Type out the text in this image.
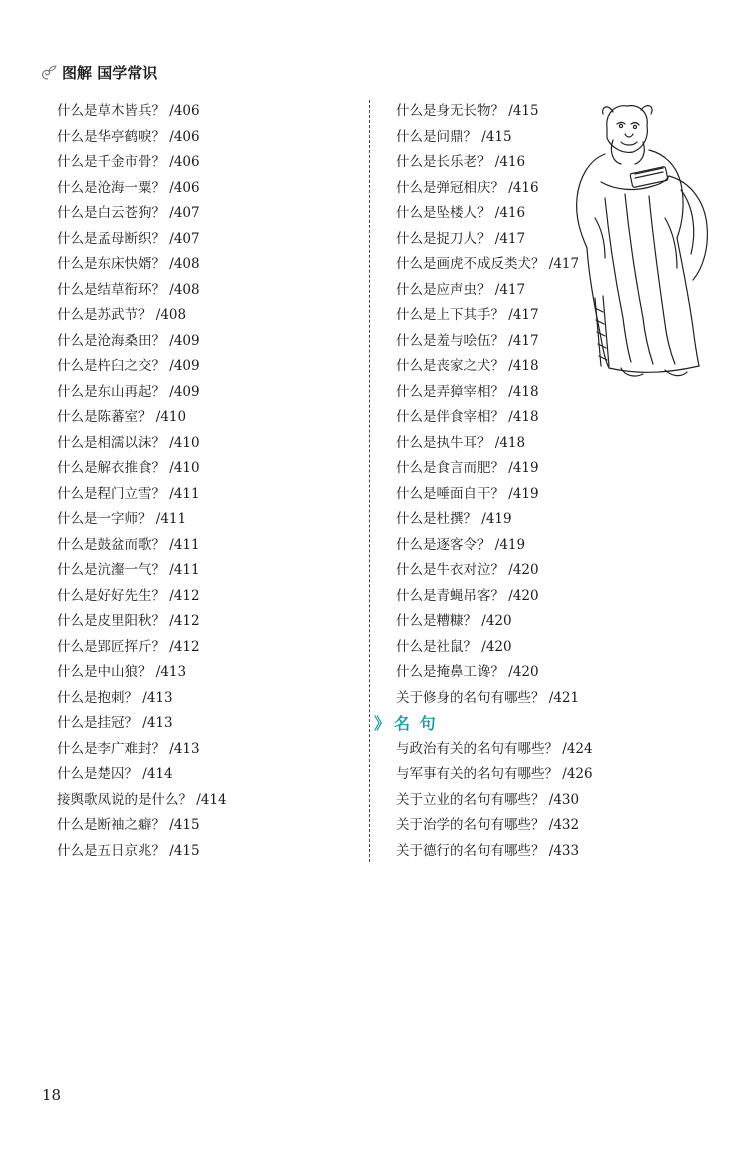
图解 国学常识
什么是草木皆兵？ /406
什么是华亭鹤唳？ /406
什么是千金市骨？ /406
什么是沧海一粟？ /406
什么是白云苍狗？ /407
什么是孟母断织？ /407
什么是东床快婿？ /408
什么是结草衔环？ /408
什么是苏武节？ /408
什么是沧海桑田？ /409
什么是杵臼之交？ /409
什么是东山再起？ /409
什么是陈蕃室？ /410
什么是相濡以沫？ /410
什么是解衣推食？ /410
什么是程门立雪？ /411
什么是一字师？ /411
什么是鼓盆而歌？ /411
什么是沆瀣一气？ /411
什么是好好先生？ /412
什么是皮里阳秋？ /412
什么是郢匠挥斤？ /412
什么是中山狼？ /413
什么是抱刺？ /413
什么是挂冠？ /413
什么是李广难封？ /413
什么是楚囚？ /414
接舆歌凤说的是什么？ /414
什么是断袖之癖？ /415
什么是五日京兆？ /415
什么是身无长物？ /415
什么是问鼎？ /415
什么是长乐老？ /416
什么是弹冠相庆？ /416
什么是坠楼人？ /416
什么是捉刀人？ /417
什么是画虎不成反类犬？ /417
什么是应声虫？ /417
什么是上下其手？ /417
什么是羞与哙伍？ /417
什么是丧家之犬？ /418
什么是弄獐宰相？ /418
什么是伴食宰相？ /418
什么是执牛耳？ /418
什么是食言而肥？ /419
什么是唾面自干？ /419
什么是杜撰？ /419
什么是逐客令？ /419
什么是牛衣对泣？ /420
什么是青蝇吊客？ /420
什么是糟糠？ /420
什么是社鼠？ /420
什么是掩鼻工谗？ /420
关于修身的名句有哪些？ /421
》 名 句
与政治有关的名句有哪些？ /424
与军事有关的名句有哪些？ /426
关于立业的名句有哪些？ /430
关于治学的名句有哪些？ /432
关于德行的名句有哪些？ /433
18
